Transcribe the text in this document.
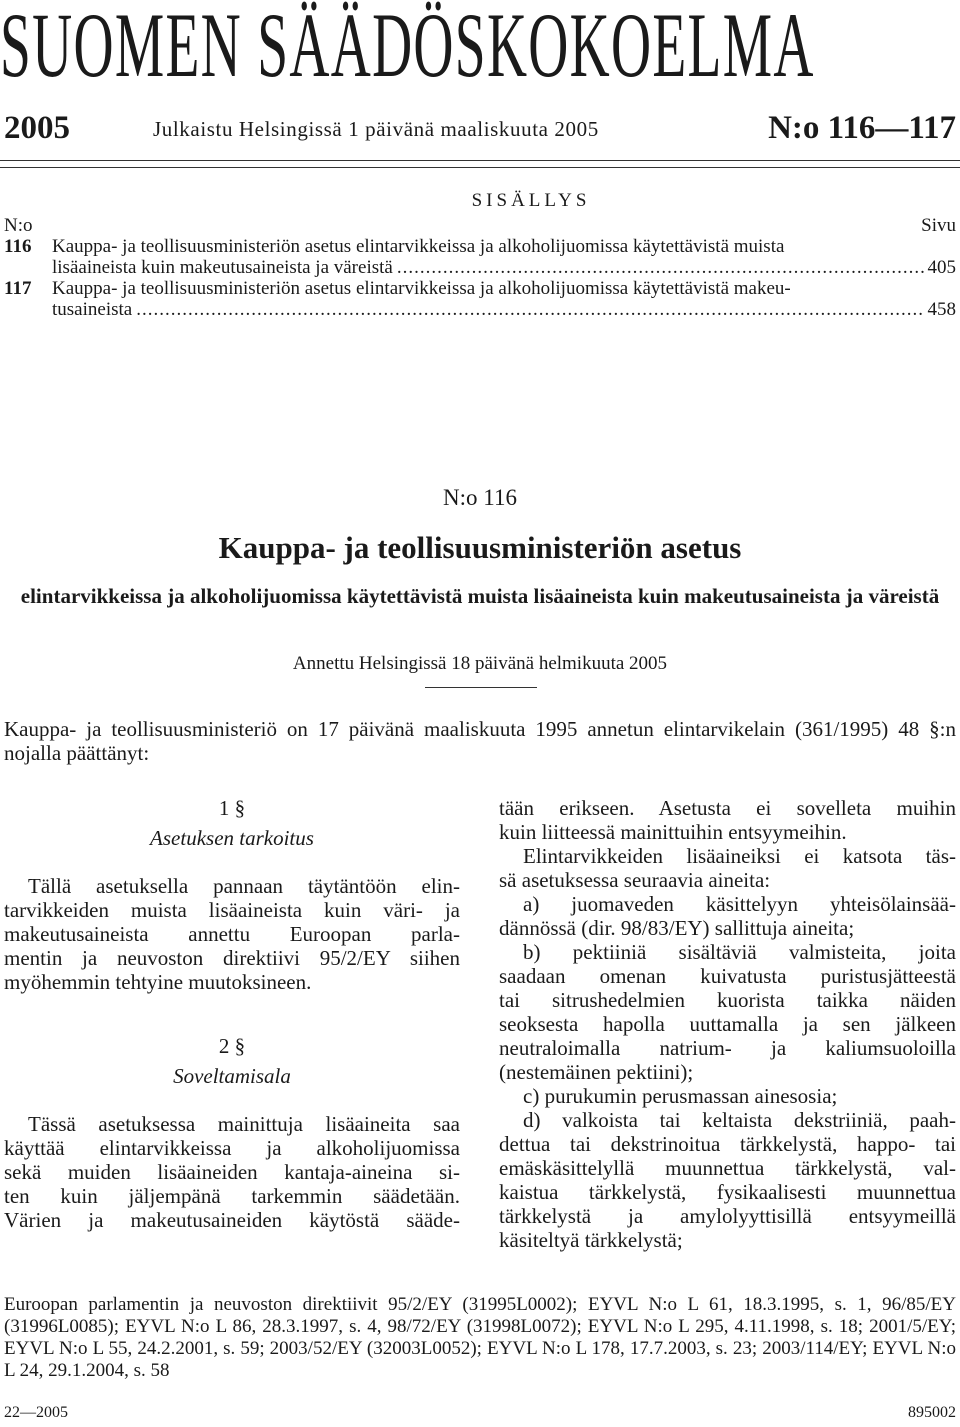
SUOMEN SÄÄDÖSKOKOELMA
2005	Julkaistu Helsingissä 1 päivänä maaliskuuta 2005	N:o 116—117
SISÄLLYS
N:o	Sivu
116 Kauppa- ja teollisuusministeriön asetus elintarvikkeissa ja alkoholijuomissa käytettävistä muista
lisäaineista kuin makeutusaineista ja väreistä .....	405
117 Kauppa- ja teollisuusministeriön asetus elintarvikkeissa ja alkoholijuomissa käytettävistä makeu-
tusaineista .....	458
N:o 116
Kauppa- ja teollisuusministeriön asetus
elintarvikkeissa ja alkoholijuomissa käytettävistä muista lisäaineista kuin makeutusaineista ja väreistä
Annettu Helsingissä 18 päivänä helmikuuta 2005
Kauppa- ja teollisuusministeriö on 17 päivänä maaliskuuta 1995 annetun elintarvikelain (361/1995) 48 §:n nojalla päättänyt:
1 §
Asetuksen tarkoitus
Tällä asetuksella pannaan täytäntöön elin-
tarvikkeiden muista lisäaineista kuin väri- ja
makeutusaineista annettu Euroopan parla-
mentin ja neuvoston direktiivi 95/2/EY siihen
myöhemmin tehtyine muutoksineen.
2 §
Soveltamisala
Tässä asetuksessa mainittuja lisäaineita saa
käyttää elintarvikkeissa ja alkoholijuomissa
sekä muiden lisäaineiden kantaja-aineina si-
ten kuin jäljempänä tarkemmin säädetään.
Värien ja makeutusaineiden käytöstä sääde-
tään erikseen. Asetusta ei sovelleta muihin
kuin liitteessä mainittuihin entsyymeihin.
Elintarvikkeiden lisäaineiksi ei katsota täs-
sä asetuksessa seuraavia aineita:
a) juomaveden käsittelyyn yhteisölainsää-
dännössä (dir. 98/83/EY) sallittuja aineita;
b) pektiiniä sisältäviä valmisteita, joita
saadaan omenan kuivatusta puristusjätteestä
tai sitrushedelmien kuorista taikka näiden
seoksesta hapolla uuttamalla ja sen jälkeen
neutraloimalla natrium- ja kaliumsuoloilla
(nestemäinen pektiini);
c) purukumin perusmassan ainesosia;
d) valkoista tai keltaista dekstriiniä, paah-
dettua tai dekstrinoitua tärkkelystä, happo- tai
emäskäsittelyllä muunnettua tärkkelystä, val-
kaistua tärkkelystä, fysikaalisesti muunnettua
tärkkelystä ja amylolyyttisillä entsyymeillä
käsiteltyä tärkkelystä;
Euroopan parlamentin ja neuvoston direktiivit 95/2/EY (31995L0002); EYVL N:o L 61, 18.3.1995, s. 1, 96/85/EY (31996L0085); EYVL N:o L 86, 28.3.1997, s. 4, 98/72/EY (31998L0072); EYVL N:o L 295, 4.11.1998, s. 18; 2001/5/EY; EYVL N:o L 55, 24.2.2001, s. 59; 2003/52/EY (32003L0052); EYVL N:o L 178, 17.7.2003, s. 23; 2003/114/EY; EYVL N:o L 24, 29.1.2004, s. 58
22—2005	895002
